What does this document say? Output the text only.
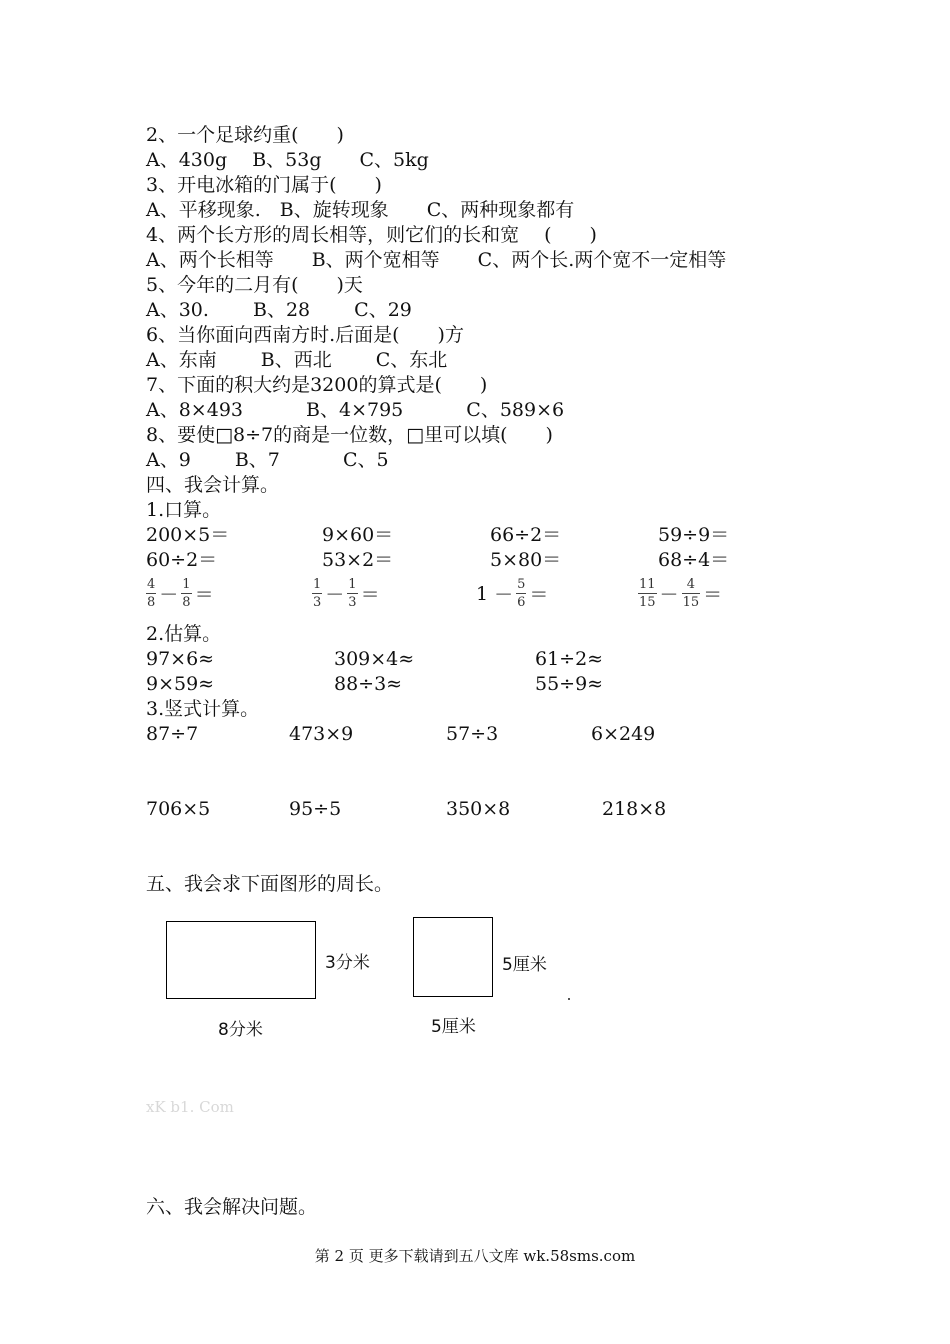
2、一个足球约重(　　)
A、430g　 B、53g　　C、5kg
3、开电冰箱的门属于(　　)
A、平移现象.　B、旋转现象　　C、两种现象都有
4、两个长方形的周长相等，则它们的长和宽　 (　　)
A、两个长相等　　B、两个宽相等　　C、两个长.两个宽不一定相等
5、今年的二月有(　　)天
A、30.　　 B、28　　 C、29
6、当你面向西南方时.后面是(　　)方
A、东南　　 B、西北　　 C、东北
7、下面的积大约是3200的算式是(　　)
A、8×493　　　 B、4×795　　　 C、589×6
8、要使□8÷7的商是一位数，□里可以填(　　)
A、9　　 B、7　　　 C、5
四、我会计算。
1.口算。
200×5＝	9×60＝	66÷2＝	59÷9＝
60÷2＝	53×2＝	5×80＝	68÷4＝
$\frac{4}{8} - \frac{1}{8}$ ＝	$\frac{1}{3} - \frac{1}{3}$ ＝	$1 - \frac{5}{6}$ ＝	$\frac{11}{15} - \frac{4}{15}$ ＝
2.估算。
97×6≈	309×4≈	61÷2≈
9×59≈	88÷3≈	55÷9≈
3.竖式计算。
87÷7	473×9	57÷3	6×249
706×5	95÷5	350×8	218×8
五、我会求下面图形的周长。
3分米
8分米
5厘米
5厘米
xK b1. Com
六、我会解决问题。
第 2 页 更多下载请到五八文库 wk.58sms.com
